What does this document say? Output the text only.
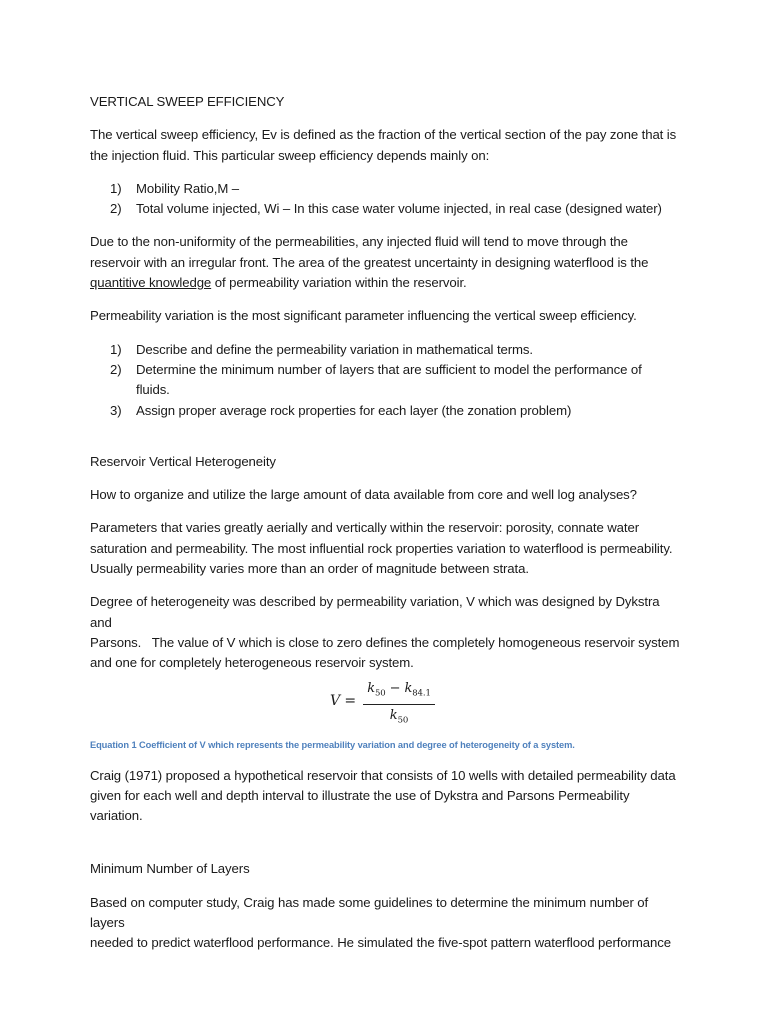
VERTICAL SWEEP EFFICIENCY
The vertical sweep efficiency, Ev is defined as the fraction of the vertical section of the pay zone that is
the injection fluid. This particular sweep efficiency depends mainly on:
1) Mobility Ratio,M –
2) Total volume injected, Wi – In this case water volume injected, in real case (designed water)
Due to the non-uniformity of the permeabilities, any injected fluid will tend to move through the
reservoir with an irregular front. The area of the greatest uncertainty in designing waterflood is the
quantitive knowledge of permeability variation within the reservoir.
Permeability variation is the most significant parameter influencing the vertical sweep efficiency.
1) Describe and define the permeability variation in mathematical terms.
2) Determine the minimum number of layers that are sufficient to model the performance of
fluids.
3) Assign proper average rock properties for each layer (the zonation problem)
Reservoir Vertical Heterogeneity
How to organize and utilize the large amount of data available from core and well log analyses?
Parameters that varies greatly aerially and vertically within the reservoir: porosity, connate water
saturation and permeability. The most influential rock properties variation to waterflood is permeability.
Usually permeability varies more than an order of magnitude between strata.
Degree of heterogeneity was described by permeability variation, V which was designed by Dykstra and
Parsons.   The value of V which is close to zero defines the completely homogeneous reservoir system
and one for completely heterogeneous reservoir system.
V =
$k_{50} - k_{84.1}$
$k_{50}$
Equation 1 Coefficient of V which represents the permeability variation and degree of heterogeneity of a system.
Craig (1971) proposed a hypothetical reservoir that consists of 10 wells with detailed permeability data
given for each well and depth interval to illustrate the use of Dykstra and Parsons Permeability variation.
Minimum Number of Layers
Based on computer study, Craig has made some guidelines to determine the minimum number of layers
needed to predict waterflood performance. He simulated the five-spot pattern waterflood performance
